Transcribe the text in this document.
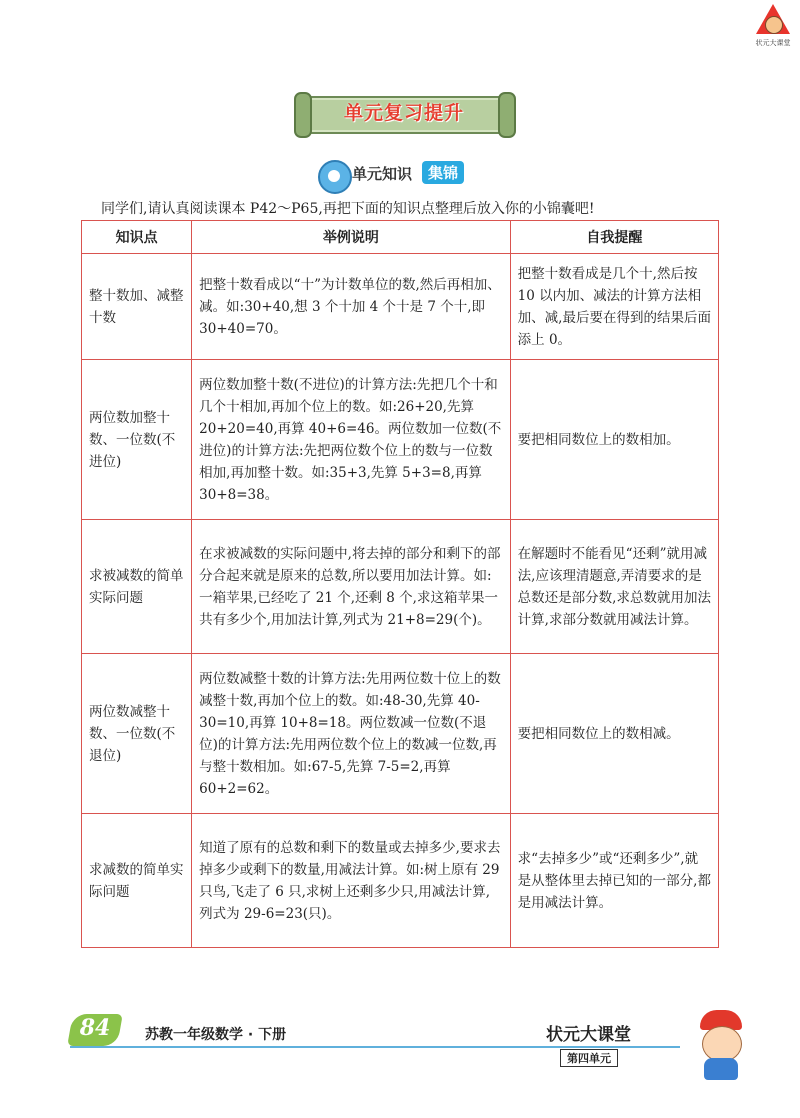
状元大课堂
单元复习提升
单元知识	集锦
同学们,请认真阅读课本 P42～P65,再把下面的知识点整理后放入你的小锦囊吧!
知识点	举例说明	自我提醒
整十数加、减整十数	把整十数看成以“十”为计数单位的数,然后再相加、减。如:30+40,想 3 个十加 4 个十是 7 个十,即 30+40=70。	把整十数看成是几个十,然后按 10 以内加、减法的计算方法相加、减,最后要在得到的结果后面添上 0。
两位数加整十数、一位数(不进位)	两位数加整十数(不进位)的计算方法:先把几个十和几个十相加,再加个位上的数。如:26+20,先算 20+20=40,再算 40+6=46。两位数加一位数(不进位)的计算方法:先把两位数个位上的数与一位数相加,再加整十数。如:35+3,先算 5+3=8,再算 30+8=38。	要把相同数位上的数相加。
求被减数的简单实际问题	在求被减数的实际问题中,将去掉的部分和剩下的部分合起来就是原来的总数,所以要用加法计算。如:一箱苹果,已经吃了 21 个,还剩 8 个,求这箱苹果一共有多少个,用加法计算,列式为 21+8=29(个)。	在解题时不能看见“还剩”就用减法,应该理清题意,弄清要求的是总数还是部分数,求总数就用加法计算,求部分数就用减法计算。
两位数减整十数、一位数(不退位)	两位数减整十数的计算方法:先用两位数十位上的数减整十数,再加个位上的数。如:48-30,先算 40-30=10,再算 10+8=18。两位数减一位数(不退位)的计算方法:先用两位数个位上的数减一位数,再与整十数相加。如:67-5,先算 7-5=2,再算 60+2=62。	要把相同数位上的数相减。
求减数的简单实际问题	知道了原有的总数和剩下的数量或去掉多少,要求去掉多少或剩下的数量,用减法计算。如:树上原有 29 只鸟,飞走了 6 只,求树上还剩多少只,用减法计算,列式为 29-6=23(只)。	求“去掉多少”或“还剩多少”,就是从整体里去掉已知的一部分,都是用减法计算。
84	苏教一年级数学 · 下册	状元大课堂
第四单元
